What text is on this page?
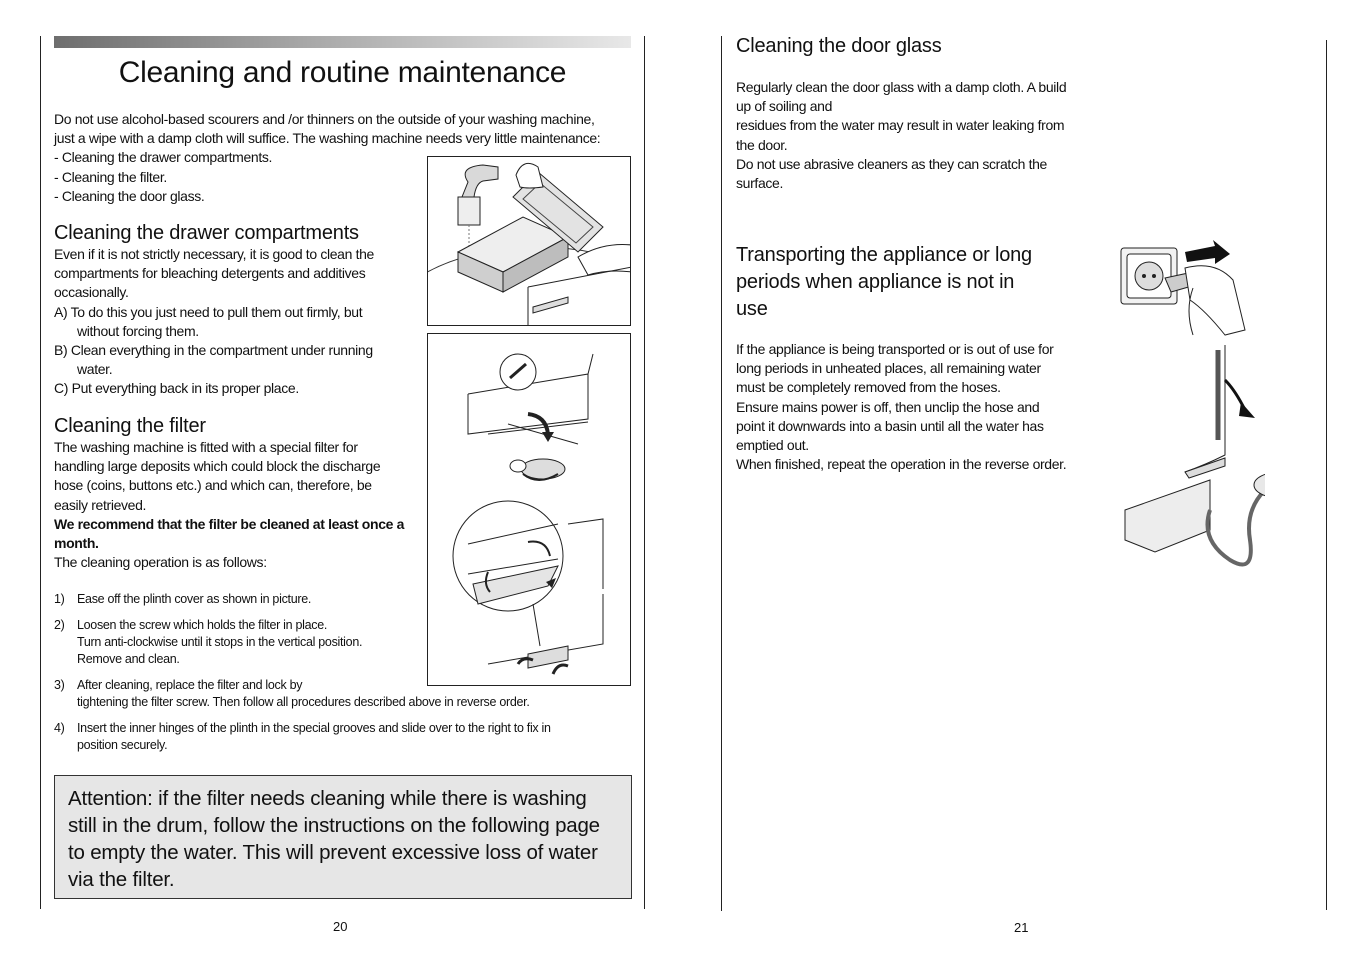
Cleaning and routine maintenance
Do not use alcohol-based scourers and /or thinners on the outside of your washing machine,
just a wipe with a damp cloth will suffice. The washing machine needs very little maintenance:
- Cleaning the drawer compartments.
- Cleaning the filter.
- Cleaning the door glass.
Cleaning the drawer compartments
Even if it is not strictly necessary, it is good to clean the
compartments for bleaching detergents and additives
occasionally.
A) To do this you just need to pull them out firmly, but
without forcing them.
B) Clean everything in the compartment under running
water.
C) Put everything back in its proper place.
Cleaning the filter
The washing machine is fitted with a special filter for
handling large deposits which could block the discharge
hose (coins, buttons etc.) and which can, therefore, be
easily retrieved.
We recommend that the filter be cleaned at least once a
month.
The cleaning operation is as follows:
1) Ease off the plinth cover as shown in picture.
2) Loosen the screw which holds the filter in place.
Turn anti-clockwise until it stops in the vertical position.
Remove and clean.
3) After cleaning, replace the filter and lock by
tightening the filter screw. Then follow all procedures described above in reverse order.
4) Insert the inner hinges of the plinth in the special grooves and slide over to the right to fix in
position securely.
Attention: if the filter needs cleaning while there is washing still in the drum, follow the instructions on the following page to empty the water. This will prevent excessive loss of water via the filter.
20
Cleaning the door glass
Regularly clean the door glass with a damp cloth. A build
up of soiling and
residues from the water may result in water leaking from
the door.
Do not use abrasive cleaners as they can scratch the
surface.
Transporting the appliance or long
periods when appliance is not in
use
If the appliance is being transported or is out of use for
long periods in unheated places, all remaining water
must be completely removed from the hoses.
Ensure mains power is off, then unclip the hose and
point it downwards into a basin until all the water has
emptied out.
When finished, repeat the operation in the reverse order.
21
